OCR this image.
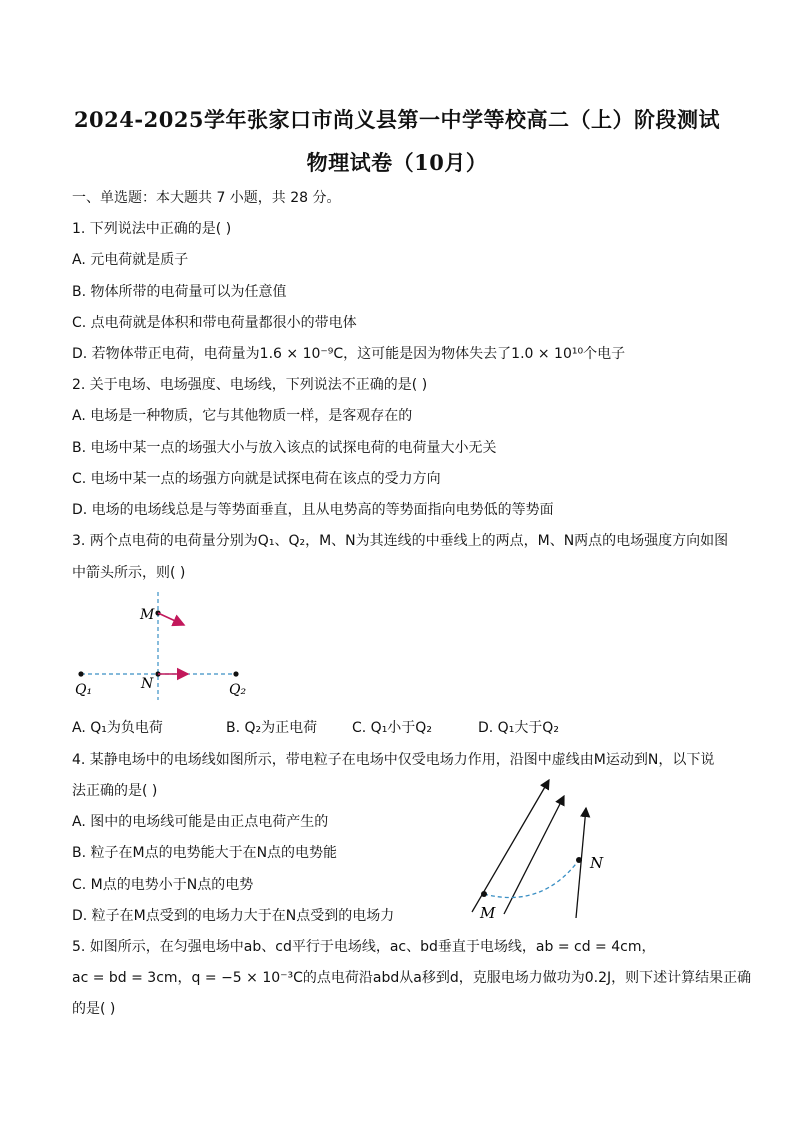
2024-2025学年张家口市尚义县第一中学等校高二（上）阶段测试
物理试卷（10月）
一、单选题：本大题共 7 小题，共 28 分。
1. 下列说法中正确的是( )
A. 元电荷就是质子
B. 物体所带的电荷量可以为任意值
C. 点电荷就是体积和带电荷量都很小的带电体
D. 若物体带正电荷，电荷量为1.6 × 10⁻⁹C，这可能是因为物体失去了1.0 × 10¹⁰个电子
2. 关于电场、电场强度、电场线，下列说法不正确的是( )
A. 电场是一种物质，它与其他物质一样，是客观存在的
B. 电场中某一点的场强大小与放入该点的试探电荷的电荷量大小无关
C. 电场中某一点的场强方向就是试探电荷在该点的受力方向
D. 电场的电场线总是与等势面垂直，且从电势高的等势面指向电势低的等势面
3. 两个点电荷的电荷量分别为Q₁、Q₂，M、N为其连线的中垂线上的两点，M、N两点的电场强度方向如图
中箭头所示，则( )
M
N
Q₁	Q₂
A. Q₁为负电荷	B. Q₂为正电荷 C. Q₁小于Q₂	D. Q₁大于Q₂
4. 某静电场中的电场线如图所示，带电粒子在电场中仅受电场力作用，沿图中虚线由M运动到N，以下说
法正确的是( )
A. 图中的电场线可能是由正点电荷产生的
B. 粒子在M点的电势能大于在N点的电势能
C. M点的电势小于N点的电势
D. 粒子在M点受到的电场力大于在N点受到的电场力	M
N
5. 如图所示，在匀强电场中ab、cd平行于电场线，ac、bd垂直于电场线，ab = cd = 4cm，
ac = bd = 3cm，q = −5 × 10⁻³C的点电荷沿abd从a移到d，克服电场力做功为0.2J，则下述计算结果正确
的是( )
